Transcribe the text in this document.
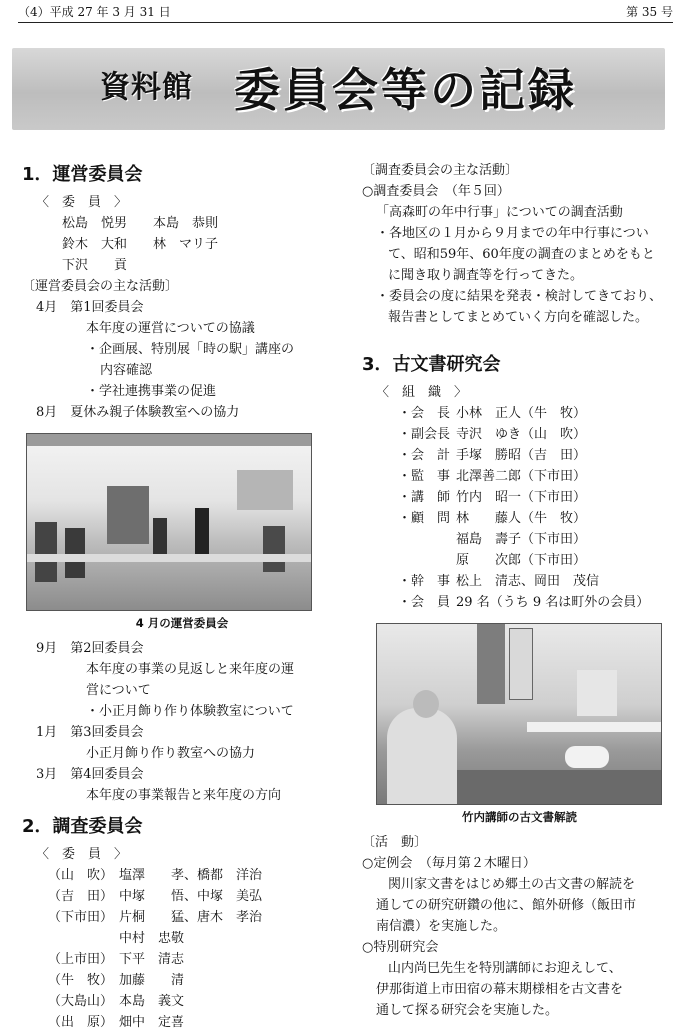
（4）平成 27 年 3 月 31 日	第 35 号
資料館 委員会等の記録
1．運営委員会
〈　委　員　〉
松島　悦男　　本島　恭則
鈴木　大和　　林　マリ子
下沢　　貢
〔運営委員会の主な活動〕
4月　第1回委員会
本年度の運営についての協議
・企画展、特別展「時の駅」講座の
内容確認
・学社連携事業の促進
8月　夏休み親子体験教室への協力
4 月の運営委員会
9月　第2回委員会
本年度の事業の見返しと来年度の運
営について
・小正月飾り作り体験教室について
1月　第3回委員会
小正月飾り作り教室への協力
3月　第4回委員会
本年度の事業報告と来年度の方向
2．調査委員会
〈　委　員　〉
（山　吹）	塩澤　　孝、橋都　洋治
（吉　田）	中塚　　悟、中塚　美弘
（下市田）	片桐　　猛、唐木　孝治
	中村　忠敬
（上市田）	下平　清志
（牛　牧）	加藤　　清
（大島山）	本島　義文
（出　原）	畑中　定喜
〔調査委員会の主な活動〕
○調査委員会　（年５回）
「高森町の年中行事」についての調査活動
・各地区の１月から９月までの年中行事につい
て、昭和59年、60年度の調査のまとめをもと
に聞き取り調査等を行ってきた。
・委員会の度に結果を発表・検討してきており、
報告書としてまとめていく方向を確認した。
3．古文書研究会
〈　組　織　〉
・会　長	小林　正人（牛　牧）
・副会長	寺沢　ゆき（山　吹）
・会　計	手塚　勝昭（吉　田）
・監　事	北澤善二郎（下市田）
・講　師	竹内　昭一（下市田）
・顧　問	林　　藤人（牛　牧）
	福島　壽子（下市田）
	原　　次郎（下市田）
・幹　事	松上　清志、岡田　茂信
・会　員	29 名（うち 9 名は町外の会員）
竹内講師の古文書解読
〔活　動〕
○定例会　（毎月第２木曜日）
関川家文書をはじめ郷土の古文書の解読を
通しての研究研鑽の他に、館外研修（飯田市
南信濃）を実施した。
○特別研究会
山内尚巳先生を特別講師にお迎えして、
伊那街道上市田宿の幕末期様相を古文書を
通して探る研究会を実施した。
